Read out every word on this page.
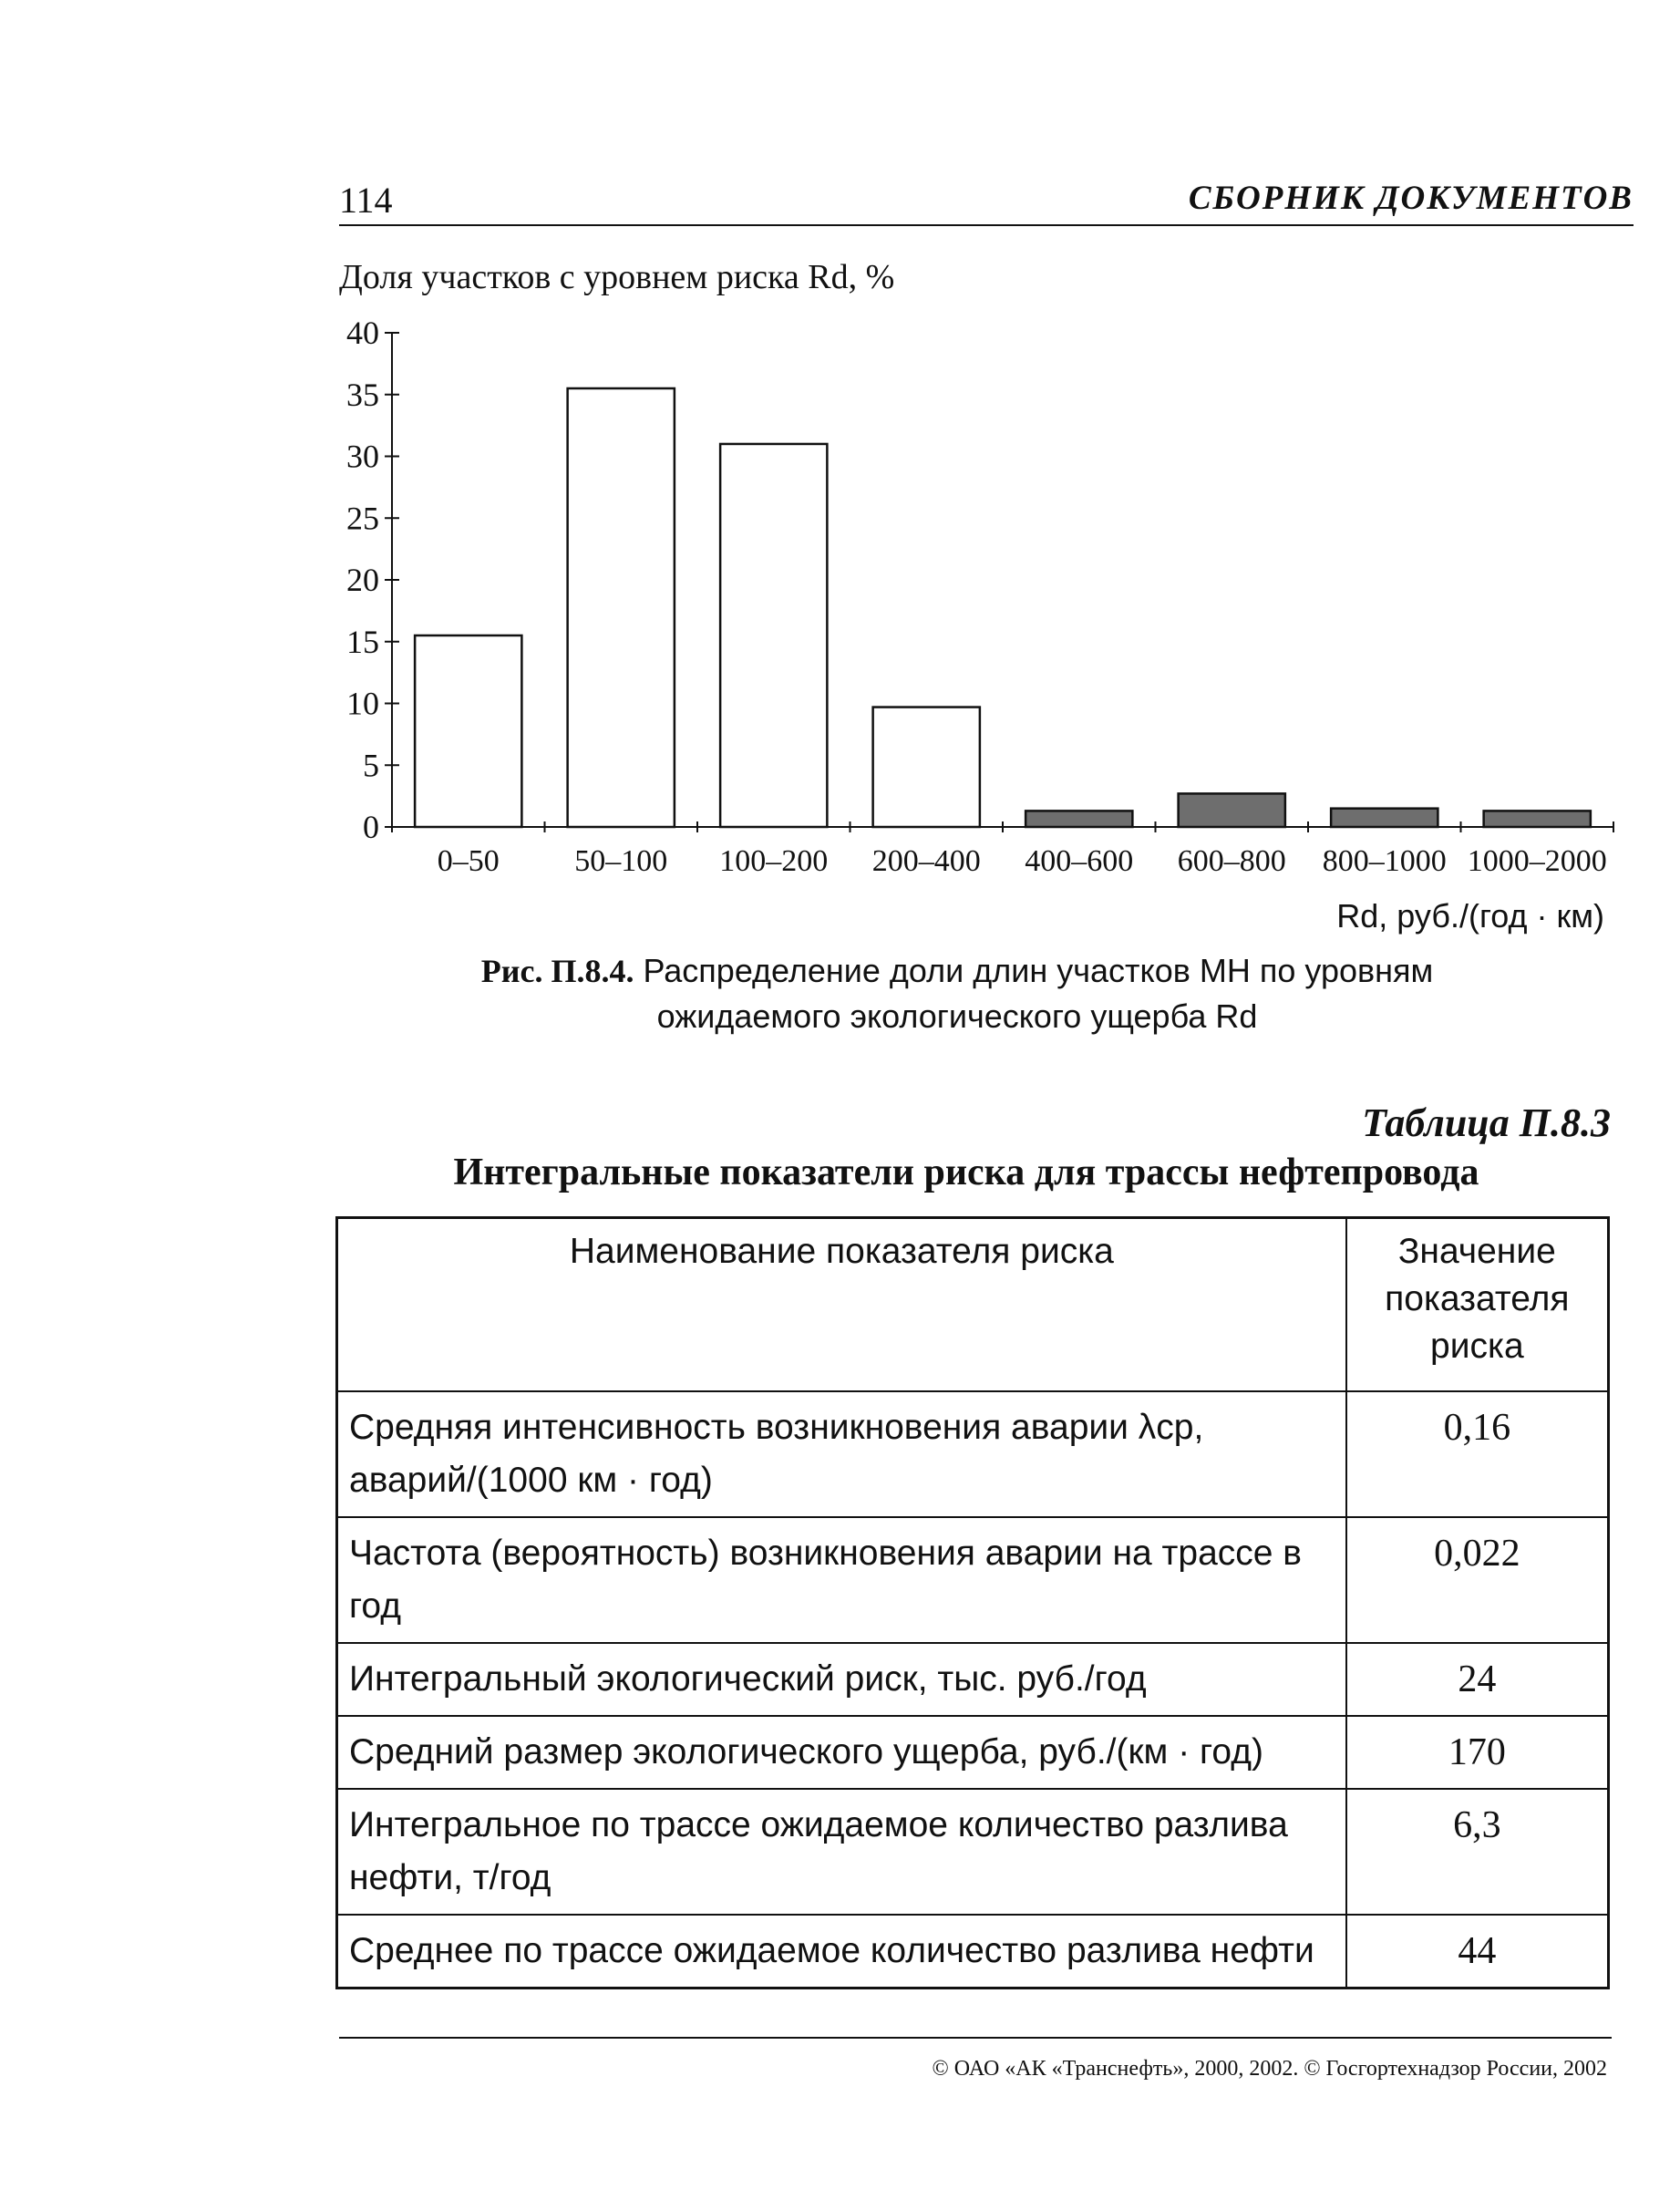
114	СБОРНИК ДОКУМЕНТОВ
Доля участков с уровнем риска Rd, %
0
5
10
15
20
25
30
35
40
0–50 50–100 100–200 200–400 400–600 600–800 800–1000 1000–2000
Rd, руб./(год · км)
Рис. П.8.4. Распределение доли длин участков МН по уровням
ожидаемого экологического ущерба Rd
Таблица П.8.3
Интегральные показатели риска для трассы нефтепровода
Наименование показателя риска	Значение показателя риска
Средняя интенсивность возникновения аварии λср, аварий/(1000 км · год)	0,16
Частота (вероятность) возникновения аварии на трассе в год	0,022
Интегральный экологический риск, тыс. руб./год	24
Средний размер экологического ущерба, руб./(км · год)	170
Интегральное по трассе ожидаемое количество разлива нефти, т/год	6,3
Среднее по трассе ожидаемое количество разлива нефти	44
© ОАО «АК «Транснефть», 2000, 2002. © Госгортехнадзор России, 2002
